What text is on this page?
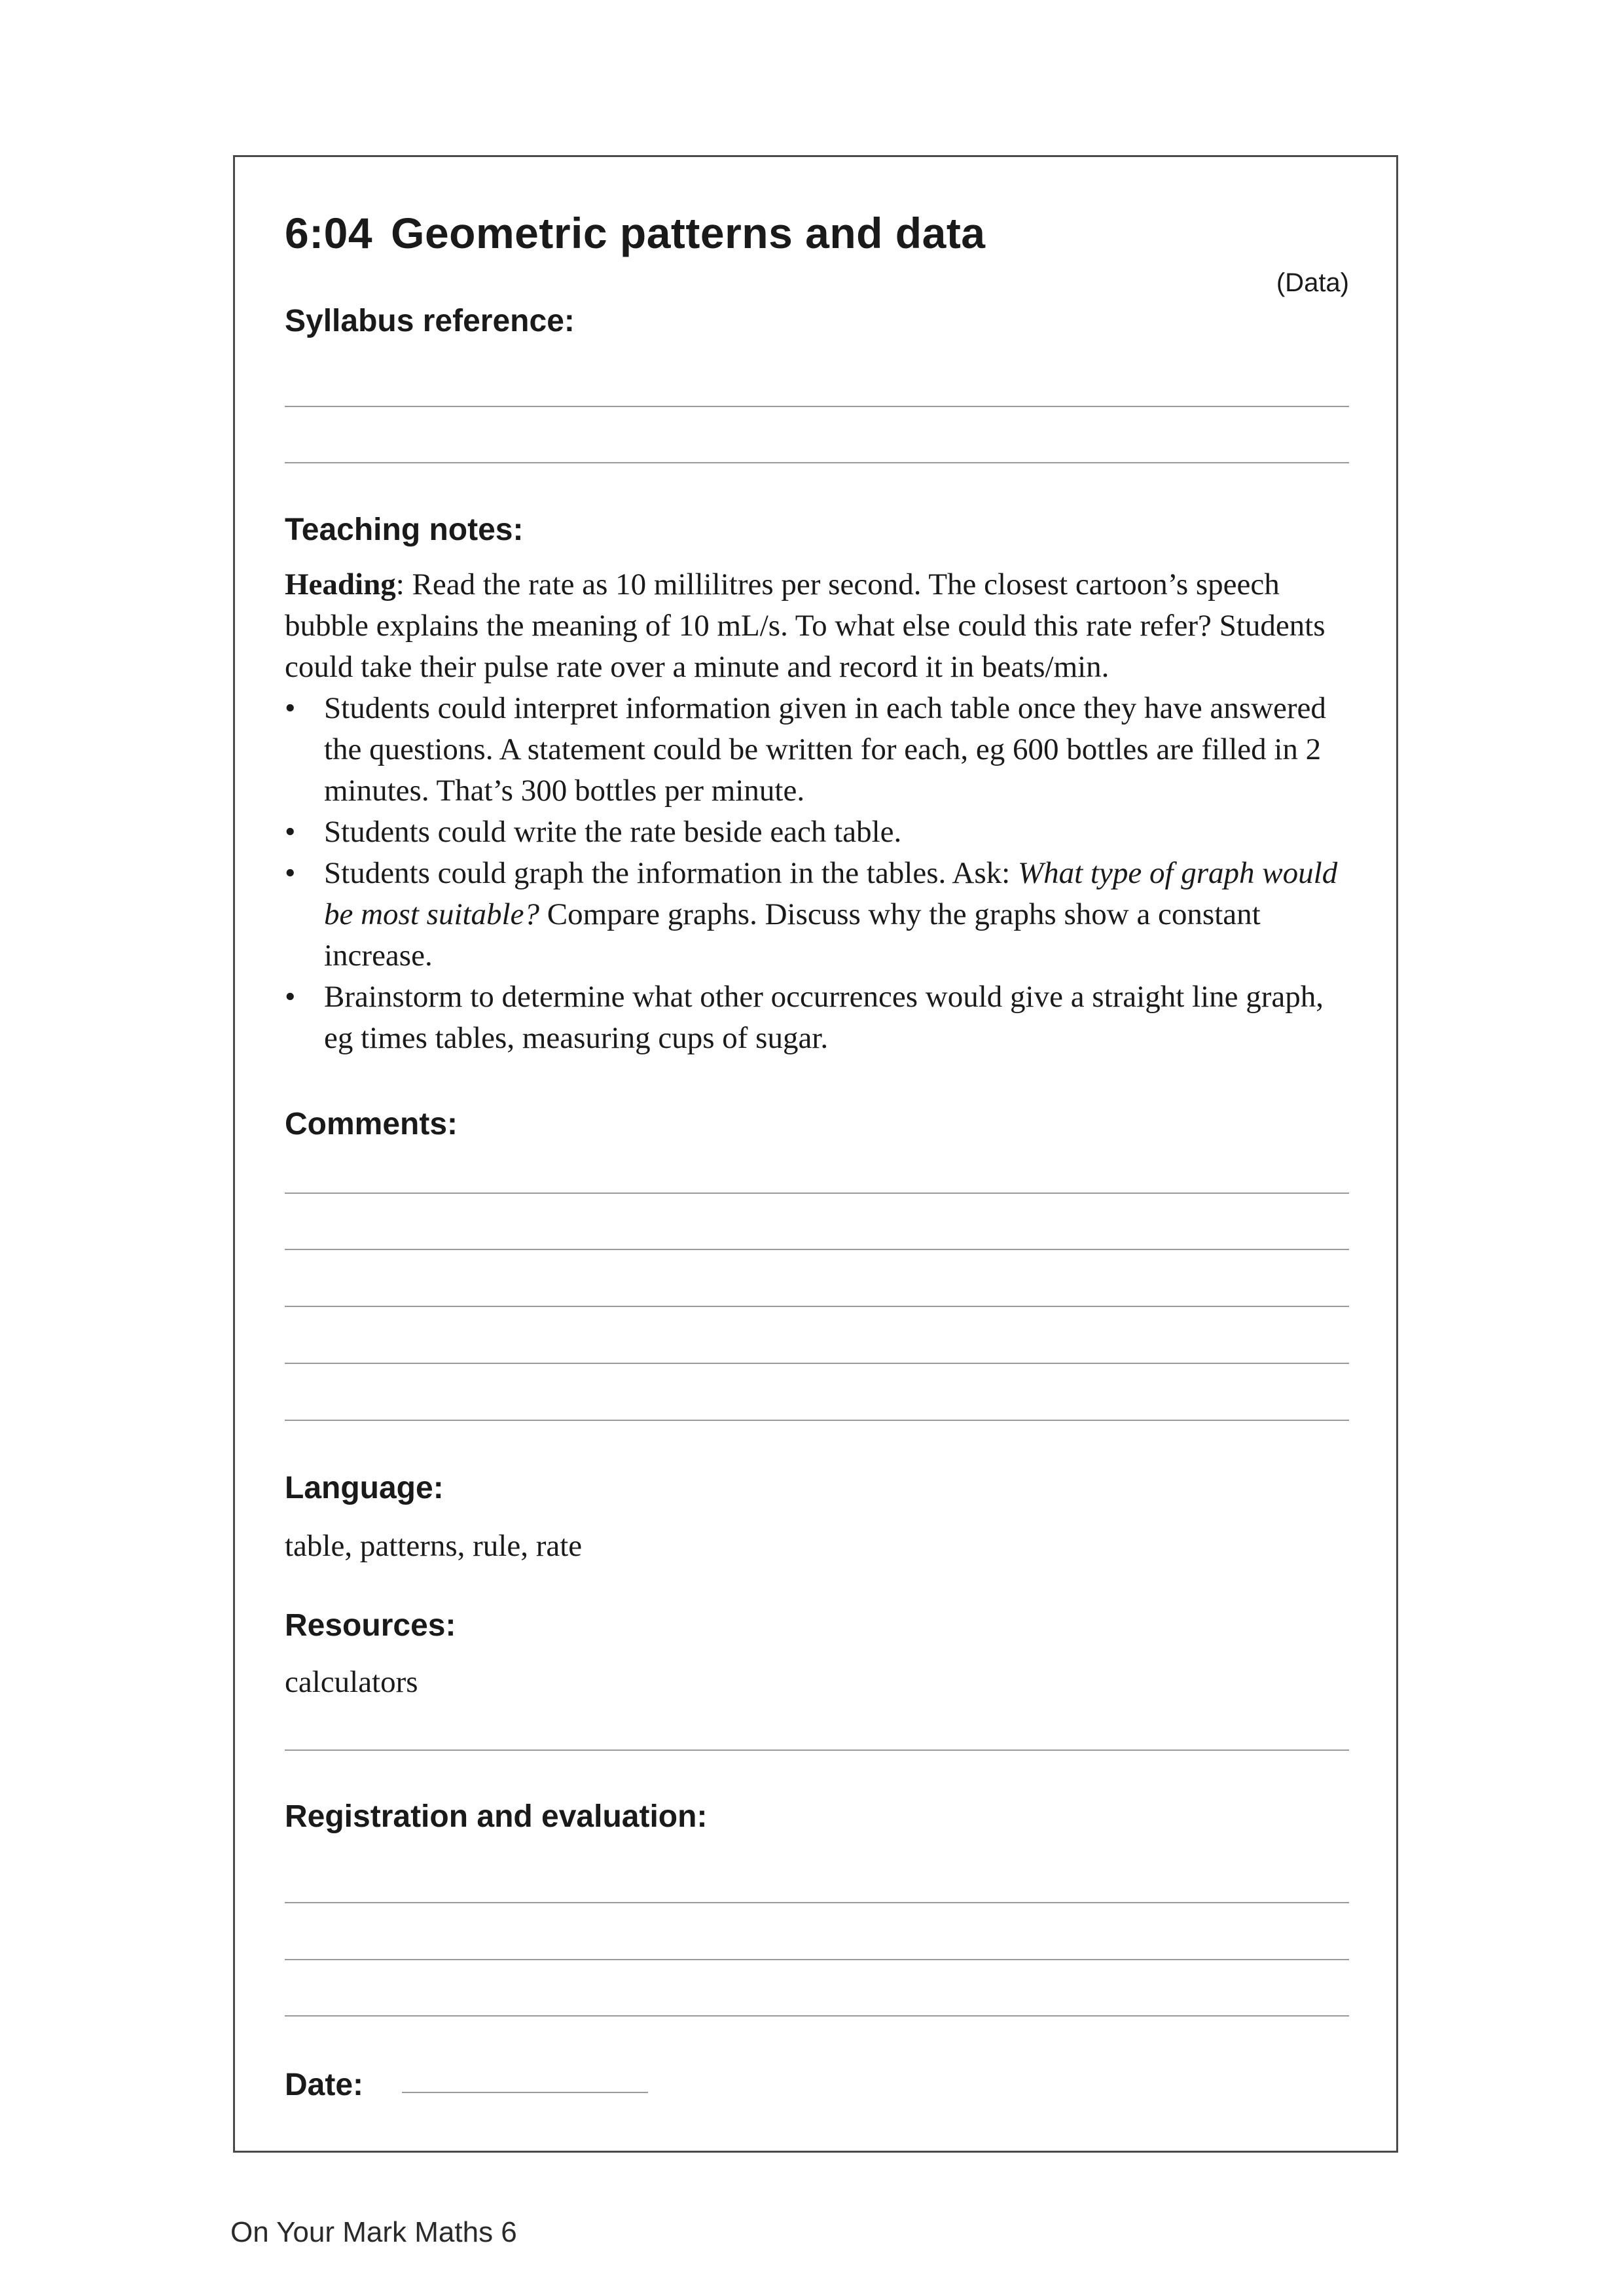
6:04 Geometric patterns and data
(Data)
Syllabus reference:
Teaching notes:

Heading: Read the rate as 10 millilitres per second. The closest cartoon’s speech bubble explains the meaning of 10 mL/s. To what else could this rate refer? Students could take their pulse rate over a minute and record it in beats/min.

• Students could interpret information given in each table once they have answered the questions. A statement could be written for each, eg 600 bottles are filled in 2 minutes. That’s 300 bottles per minute.
• Students could write the rate beside each table.
• Students could graph the information in the tables. Ask: What type of graph would be most suitable? Compare graphs. Discuss why the graphs show a constant increase.
• Brainstorm to determine what other occurrences would give a straight line graph, eg times tables, measuring cups of sugar.
Comments:
Language:
table, patterns, rule, rate
Resources:
calculators
Registration and evaluation:
Date:
On Your Mark Maths 6
